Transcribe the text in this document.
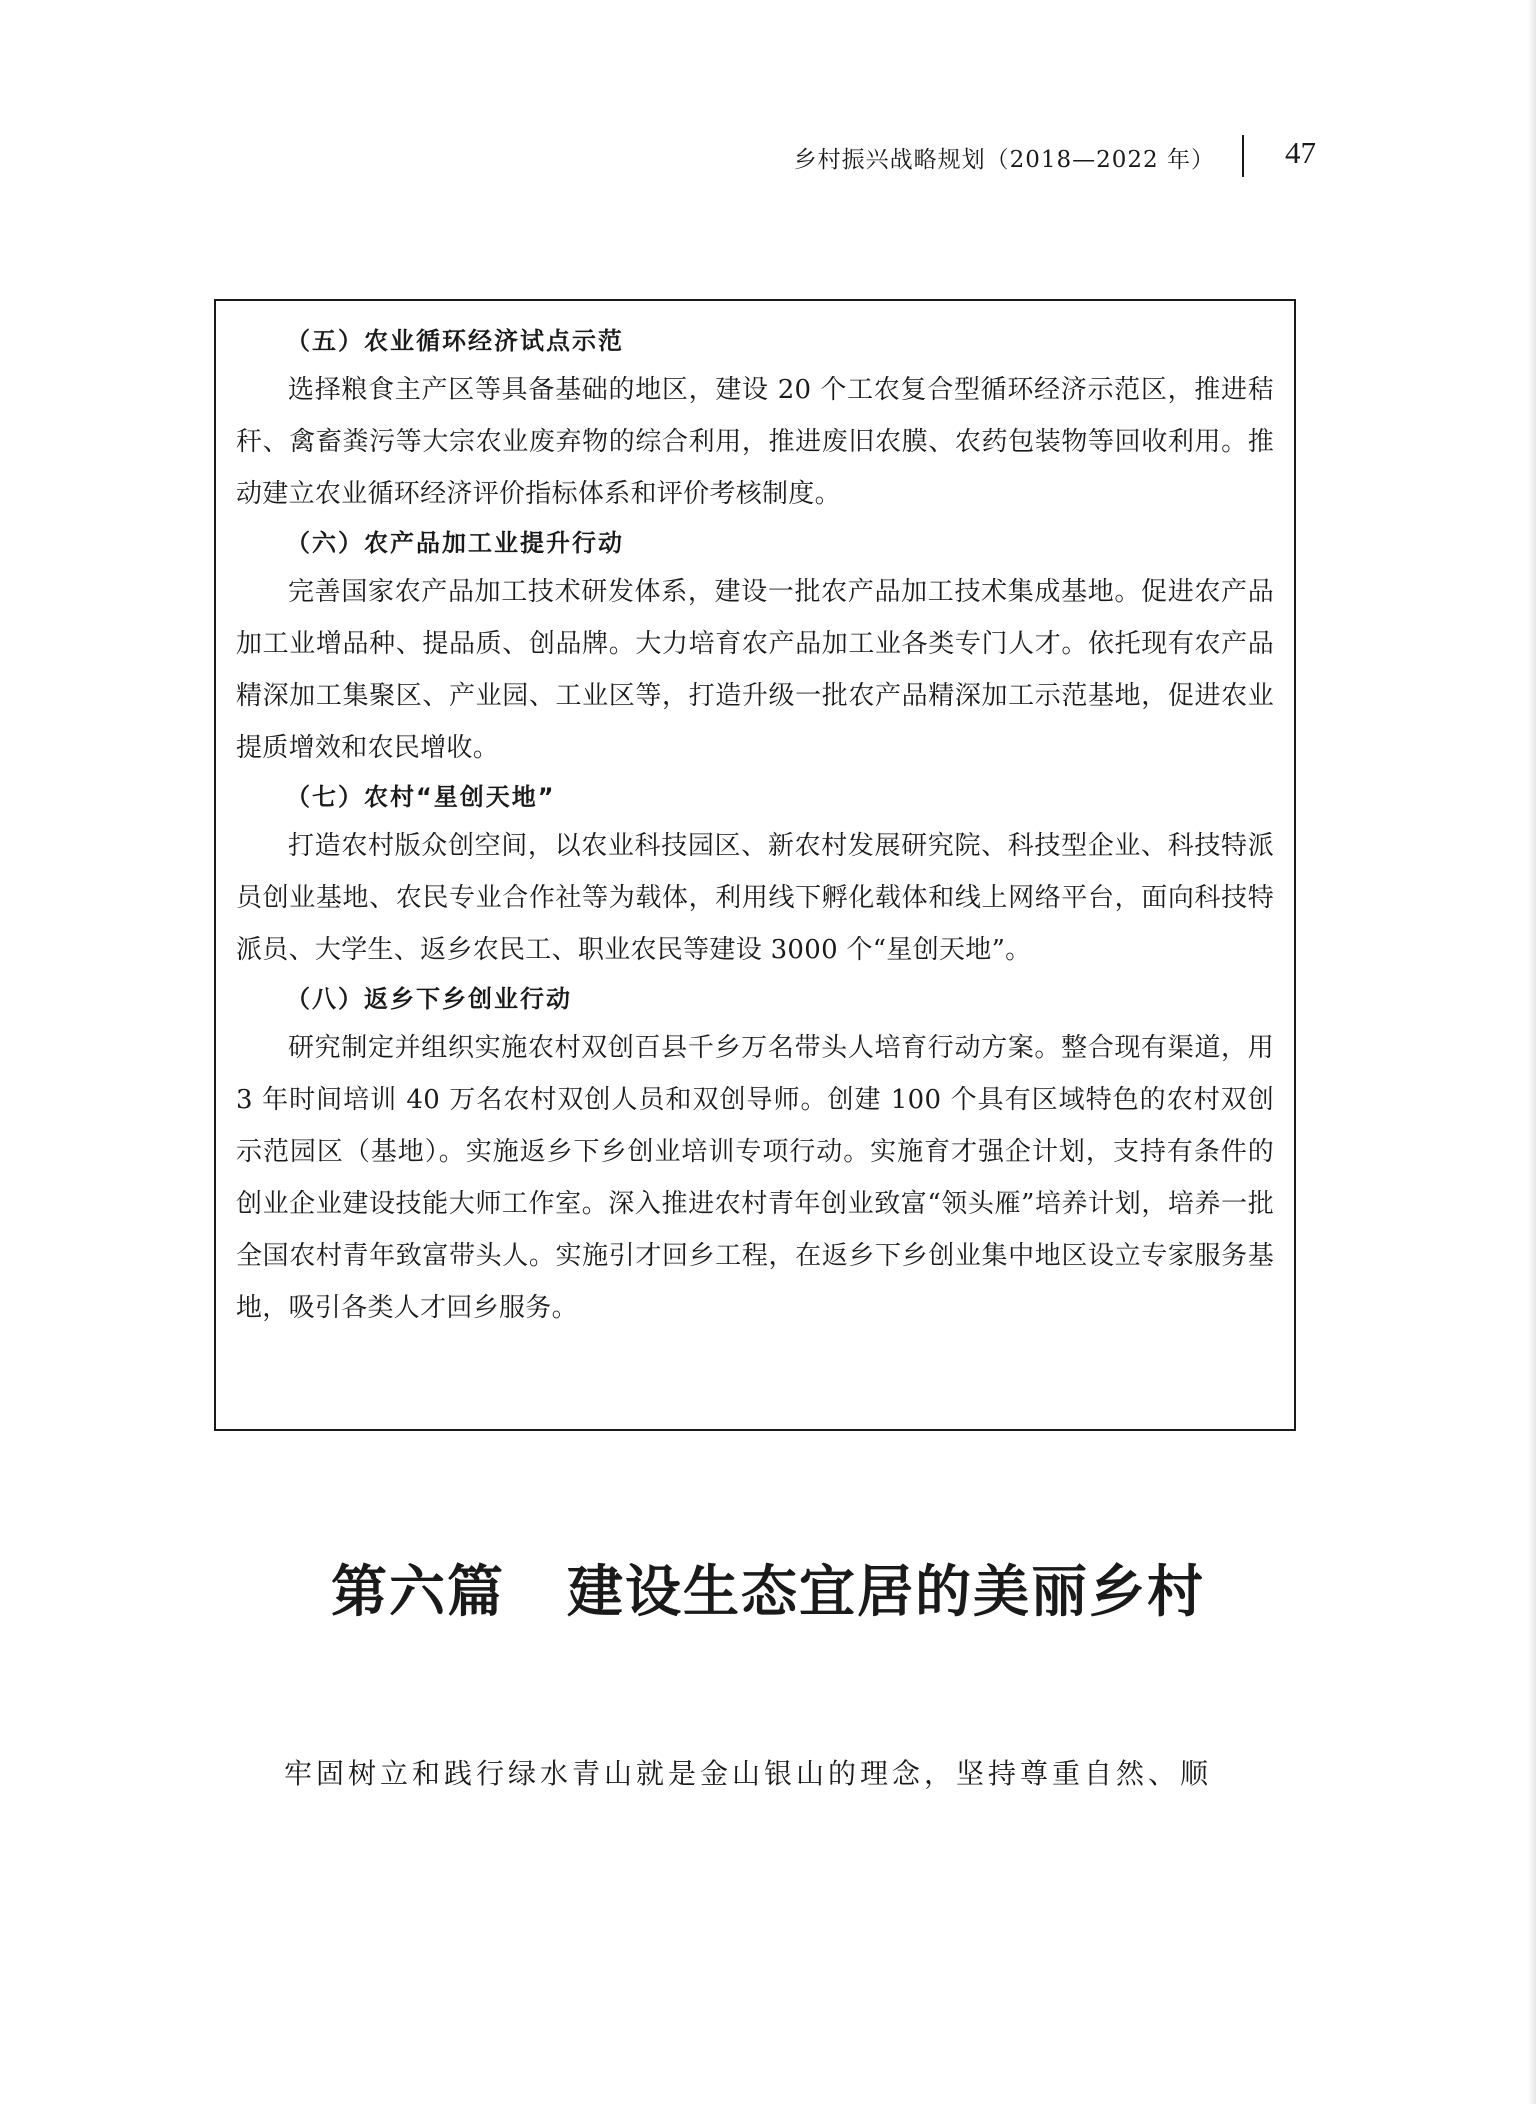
乡村振兴战略规划（2018—2022 年） 47
（五）农业循环经济试点示范

选择粮食主产区等具备基础的地区，建设 20 个工农复合型循环经济示范区，推进秸秆、禽畜粪污等大宗农业废弃物的综合利用，推进废旧农膜、农药包装物等回收利用。推动建立农业循环经济评价指标体系和评价考核制度。

（六）农产品加工业提升行动

完善国家农产品加工技术研发体系，建设一批农产品加工技术集成基地。促进农产品加工业增品种、提品质、创品牌。大力培育农产品加工业各类专门人才。依托现有农产品精深加工集聚区、产业园、工业区等，打造升级一批农产品精深加工示范基地，促进农业提质增效和农民增收。

（七）农村“星创天地”

打造农村版众创空间，以农业科技园区、新农村发展研究院、科技型企业、科技特派员创业基地、农民专业合作社等为载体，利用线下孵化载体和线上网络平台，面向科技特派员、大学生、返乡农民工、职业农民等建设 3000 个“星创天地”。

（八）返乡下乡创业行动

研究制定并组织实施农村双创百县千乡万名带头人培育行动方案。整合现有渠道，用 3 年时间培训 40 万名农村双创人员和双创导师。创建 100 个具有区域特色的农村双创示范园区（基地）。实施返乡下乡创业培训专项行动。实施育才强企计划，支持有条件的创业企业建设技能大师工作室。深入推进农村青年创业致富“领头雁”培养计划，培养一批全国农村青年致富带头人。实施引才回乡工程，在返乡下乡创业集中地区设立专家服务基地，吸引各类人才回乡服务。

第六篇 建设生态宜居的美丽乡村
牢固树立和践行绿水青山就是金山银山的理念，坚持尊重自然、顺
